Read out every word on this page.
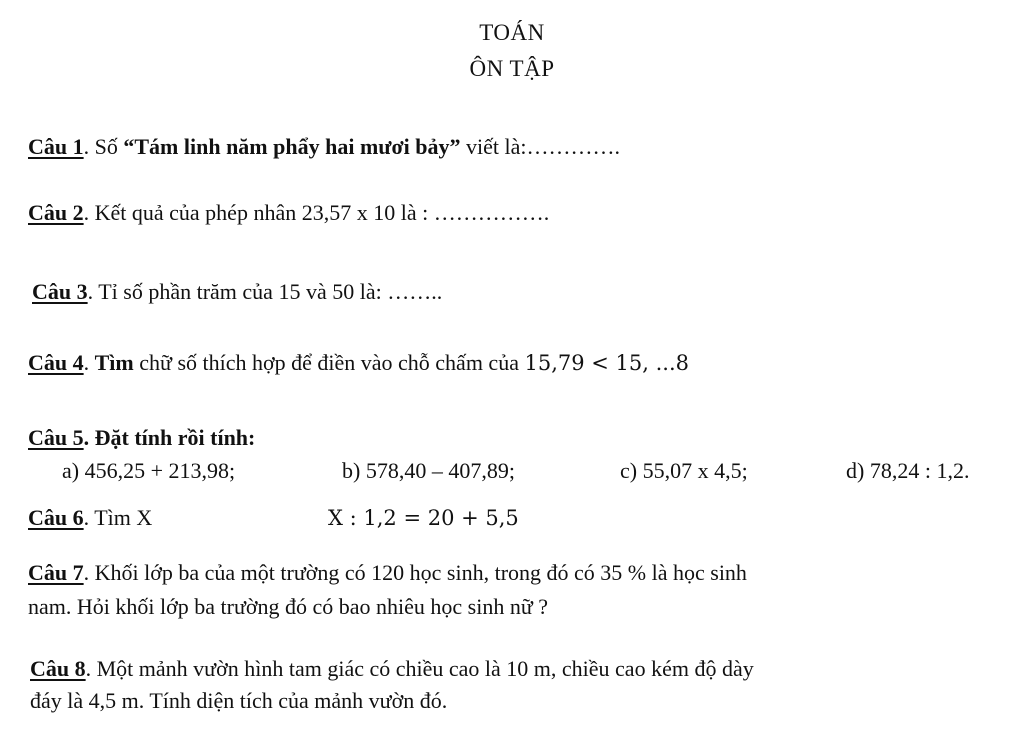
TOÁN
ÔN TẬP
Câu 1. Số “Tám linh năm phẩy hai mươi bảy” viết là:………….
Câu 2. Kết quả của phép nhân 23,57 x 10 là : …………….
Câu 3. Tỉ số phần trăm của 15 và 50 là: ……..
Câu 4. Tìm chữ số thích hợp để điền vào chỗ chấm của 15,79 < 15, ...8
Câu 5. Đặt tính rồi tính:
a) 456,25 + 213,98;	b) 578,40 – 407,89;	c) 55,07 x 4,5;	d) 78,24 : 1,2.
Câu 6. Tìm X	X : 1,2 = 20 + 5,5
Câu 7. Khối lớp ba của một trường có 120 học sinh, trong đó có 35 % là học sinh
nam. Hỏi khối lớp ba trường đó có bao nhiêu học sinh nữ ?
Câu 8. Một mảnh vườn hình tam giác có chiều cao là 10 m, chiều cao kém độ dày
đáy là 4,5 m. Tính diện tích của mảnh vườn đó.
